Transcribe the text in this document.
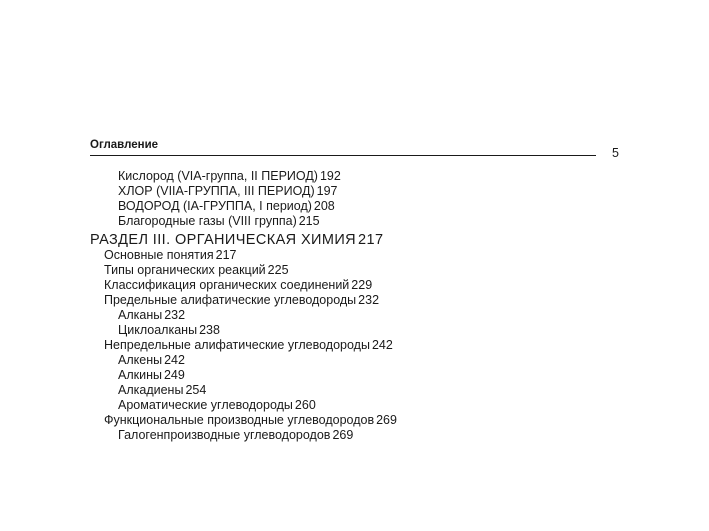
Оглавление
5
Кислород (VIA-группа, II ПЕРИОД) 192
ХЛОР (VIIA-ГРУППА, III ПЕРИОД) 197
ВОДОРОД (IA-ГРУППА, I период) 208
Благородные газы (VIII группа) 215
РАЗДЕЛ III. ОРГАНИЧЕСКАЯ ХИМИЯ 217
Основные понятия 217
Типы органических реакций 225
Классификация органических соединений 229
Предельные алифатические углеводороды 232
Алканы 232
Циклоалканы 238
Непредельные алифатические углеводороды 242
Алкены 242
Алкины 249
Алкадиены 254
Ароматические углеводороды 260
Функциональные производные углеводородов 269
Галогенпроизводные углеводородов 269
